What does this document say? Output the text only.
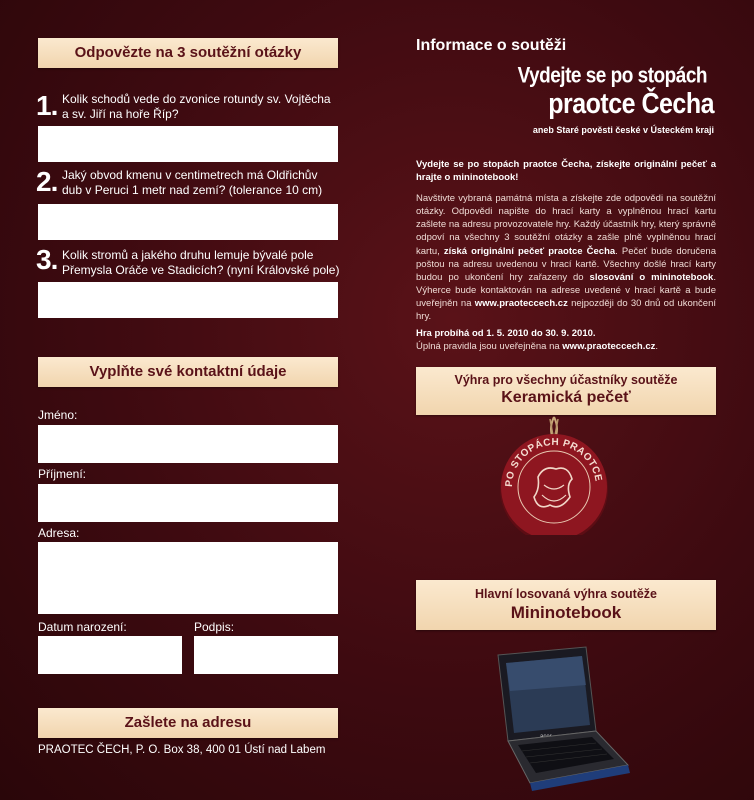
Odpovězte na 3 soutěžní otázky
1. Kolik schodů vede do zvonice rotundy sv. Vojtěcha a sv. Jiří na hoře Říp?
2. Jaký obvod kmenu v centimetrech má Oldřichův dub v Peruci 1 metr nad zemí? (tolerance 10 cm)
3. Kolik stromů a jakého druhu lemuje bývalé pole Přemysla Oráče ve Stadicích? (nyní Královské pole)
Vyplňte své kontaktní údaje
Jméno:
Příjmení:
Adresa:
Datum narození:	Podpis:
Zašlete na adresu
PRAOTEC ČECH, P. O. Box 38, 400 01 Ústí nad Labem
Informace o soutěži
Vydejte se po stopách
praotce Čecha
aneb Staré pověsti české v Ústeckém kraji
Vydejte se po stopách praotce Čecha, získejte originální pečeť a hrajte o mininotebook!
Navštivte vybraná památná místa a získejte zde odpovědi na soutěžní otázky. Odpovědi napište do hrací karty a vyplněnou hrací kartu zašlete na adresu provozovatele hry. Každý účastník hry, který správně odpoví na všechny 3 soutěžní otázky a zašle plně vyplněnou hrací kartu, získá originální pečeť praotce Čecha. Pečeť bude doručena poštou na adresu uvedenou v hrací kartě. Všechny došlé hrací karty budou po ukončení hry zařazeny do slosování o mininotebook. Výherce bude kontaktován na adrese uvedené v hrací kartě a bude uveřejněn na www.praoteccech.cz nejpozději do 30 dnů od ukončení hry.
Hra probíhá od 1. 5. 2010 do 30. 9. 2010.
Úplná pravidla jsou uveřejněna na www.praoteccech.cz.
Výhra pro všechny účastníky soutěže
Keramická pečeť
PO STOPÁCH PRAOTCE
Hlavní losovaná výhra soutěže
Mininotebook
